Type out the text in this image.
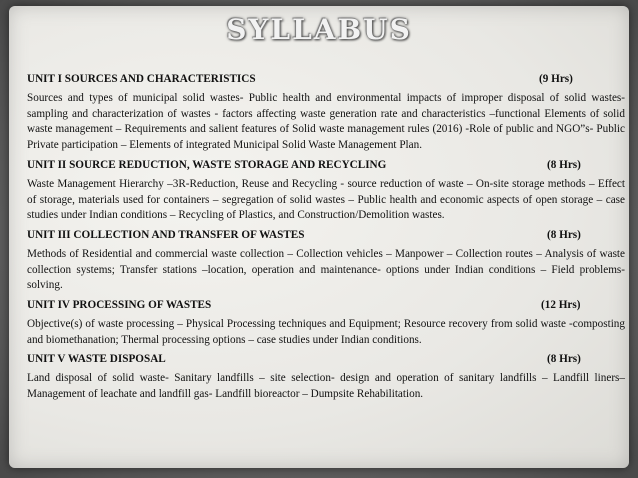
SYLLABUS
UNIT I SOURCES AND CHARACTERISTICS	(9 Hrs)

Sources and types of municipal solid wastes- Public health and environmental impacts of improper disposal of solid wastes- sampling and characterization of wastes - factors affecting waste generation rate and characteristics –functional Elements of solid waste management – Requirements and salient features of Solid waste management rules (2016) -Role of public and NGO”s- Public Private participation – Elements of integrated Municipal Solid Waste Management Plan.

UNIT II SOURCE REDUCTION, WASTE STORAGE AND RECYCLING	(8 Hrs)

Waste Management Hierarchy –3R-Reduction, Reuse and Recycling - source reduction of waste – On-site storage methods – Effect of storage, materials used for containers – segregation of solid wastes – Public health and economic aspects of open storage – case studies under Indian conditions – Recycling of Plastics, and Construction/Demolition wastes.

UNIT III COLLECTION AND TRANSFER OF WASTES	(8 Hrs)

Methods of Residential and commercial waste collection – Collection vehicles – Manpower – Collection routes – Analysis of waste collection systems; Transfer stations –location, operation and maintenance- options under Indian conditions – Field problems- solving.

UNIT IV PROCESSING OF WASTES	(12 Hrs)

Objective(s) of waste processing – Physical Processing techniques and Equipment; Resource recovery from solid waste -composting and biomethanation; Thermal processing options – case studies under Indian conditions.

UNIT V WASTE DISPOSAL	(8 Hrs)

Land disposal of solid waste- Sanitary landfills – site selection- design and operation of sanitary landfills – Landfill liners– Management of leachate and landfill gas- Landfill bioreactor – Dumpsite Rehabilitation.
